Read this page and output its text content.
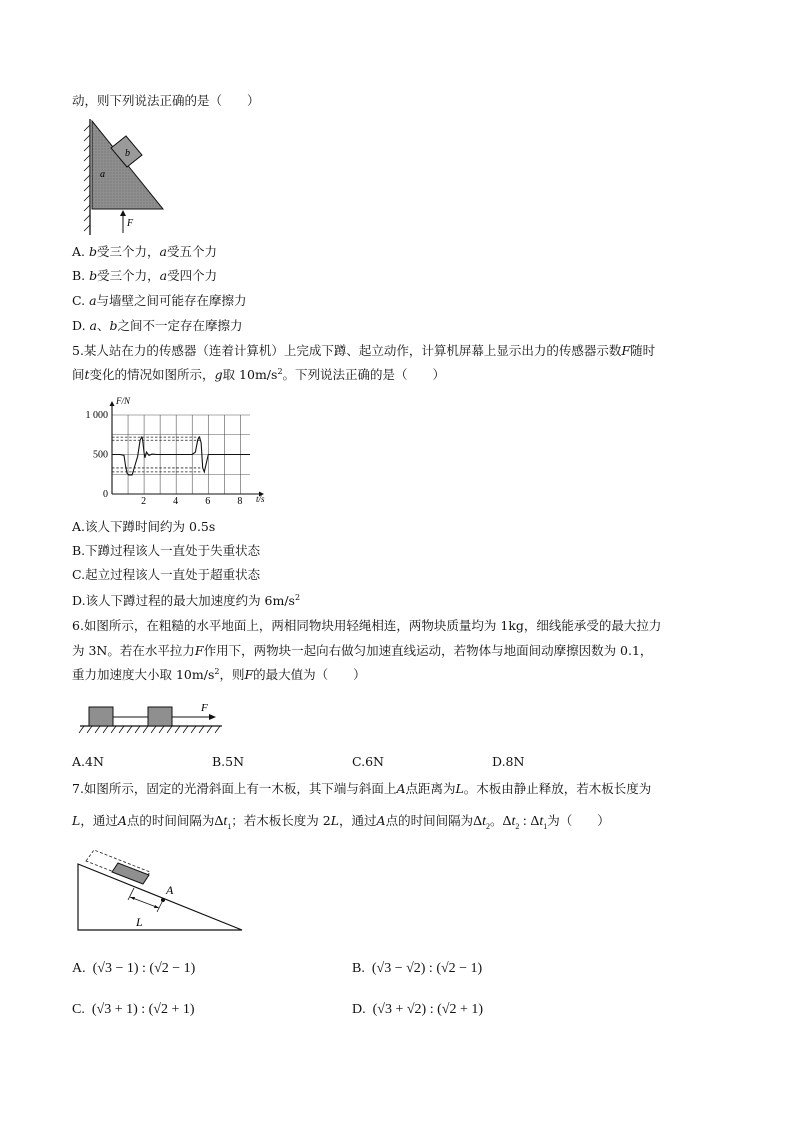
动，则下列说法正确的是（　　）
b
a
F
A. b受三个力，a受五个力
B. b受三个力，a受四个力
C. a与墙壁之间可能存在摩擦力
D. a、b之间不一定存在摩擦力
5.某人站在力的传感器（连着计算机）上完成下蹲、起立动作，计算机屏幕上显示出力的传感器示数F随时
间t变化的情况如图所示，g取 $10m/s^2$。下列说法正确的是（　　）
2	4	6	8
0
500
1 000
F/N
t/s
A.该人下蹲时间约为 0.5s
B.下蹲过程该人一直处于失重状态
C.起立过程该人一直处于超重状态
D.该人下蹲过程的最大加速度约为 $6m/s^2$
6.如图所示，在粗糙的水平地面上，两相同物块用轻绳相连，两物块质量均为 1kg，细线能承受的最大拉力
为 3N。若在水平拉力F作用下，两物块一起向右做匀加速直线运动，若物体与地面间动摩擦因数为 0.1，
重力加速度大小取 $10m/s^2$，则F的最大值为（　　）
F
A.4N	B.5N	C.6N	D.8N
7.如图所示，固定的光滑斜面上有一木板，其下端与斜面上A点距离为L。木板由静止释放，若木板长度为
L，通过A点的时间间隔为$\Delta t_1$；若木板长度为 2L，通过A点的时间间隔为$\Delta t_2$。$\Delta t_2$ : $\Delta t_1$为（　　）
A
L
A. (√3 − 1) : (√2 − 1)	B. (√3 − √2) : (√2 − 1)
C. (√3 + 1) : (√2 + 1)	D. (√3 + √2) : (√2 + 1)
